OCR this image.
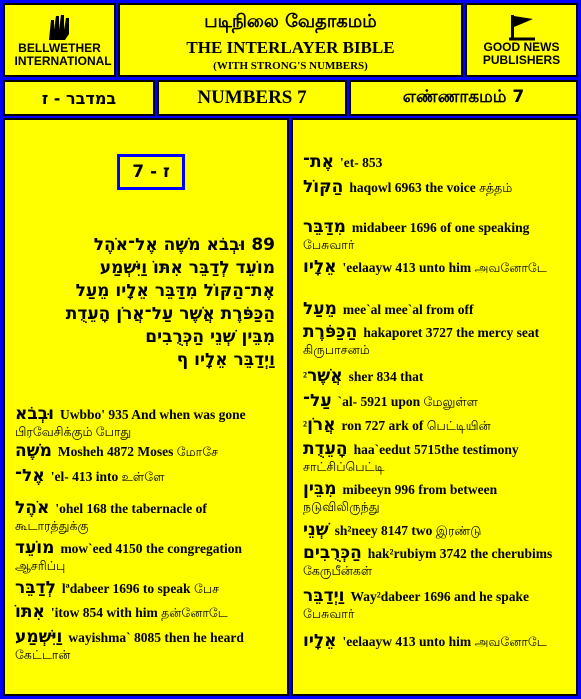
BELLWETHER INTERNATIONAL
படிநிலை வேதாகமம்
THE INTERLAYER BIBLE
(WITH STRONG'S NUMBERS)
GOOD NEWS
PUBLISHERS
במדבר - ז	NUMBERS 7	எண்ணாகமம் 7
ז - 7
89 וּבְבֹא מֹשֶׁה אֶל־אֹהֶל
מוֹעֵד לְדַבֵּר אִתּוֹ וַיִּשְׁמַע
אֶת־הַקּוֹל מִדַּבֵּר אֵלָיו מֵעַל
הַכַּפֹּרֶת אֲשֶׁר עַל־אֲרֹן הָעֵדֻת
מִבֵּין שְׁנֵי הַכְּרֻבִים
וַיְדַבֵּר אֵלָיו ף
וּבְבֹא Uwbbo' 935 And when was gone பிரவேசிக்கும் போது
מֹשֶׁה Mosheh 4872 Moses மோசே
אֶל־ 'el- 413 into உள்ளே
אֹהֶל 'ohel 168 the tabernacle of கூடாரத்துக்கு
מוֹעֵד mow`eed 4150 the congregation ஆசரிப்பு
לְדַבֵּר lªdabeer 1696 to speak பேச
אִתּוֹ 'itow 854 with him தன்னோடே
וַיִּשְׁמַע wayishma` 8085 then he heard கேட்டான்
אֶת־ 'et- 853
הַקּוֹל haqowl 6963 the voice சத்தம்
מִדַּבֵּר midabeer 1696 of one speaking பேசுவார்
אֵלָיו 'eelaayw 413 unto him அவனோடே
מֵעַל mee`al mee`al from off
הַכַּפֹּרֶת hakaporet 3727 the mercy seat கிருபாசனம்
אֲשֶׁר²sher 834 that
עַל־ `al- 5921 upon மேலுள்ள
אֲרֹן²ron 727 ark of பெட்டியின்
הָעֵדֻת haa`eedut 5715the testimony சாட்சிப்பெட்டி
מִבֵּין mibeeyn 996 from between நடுவிலிருந்து
שְׁנֵי sh²neey 8147 two இரண்டு
הַכְּרֻבִים hak²rubiym 3742 the cherubims கேருபீன்கள்
וַיְדַבֵּר Way²dabeer 1696 and he spake பேசுவார்
אֵלָיו 'eelaayw 413 unto him அவனோடே
